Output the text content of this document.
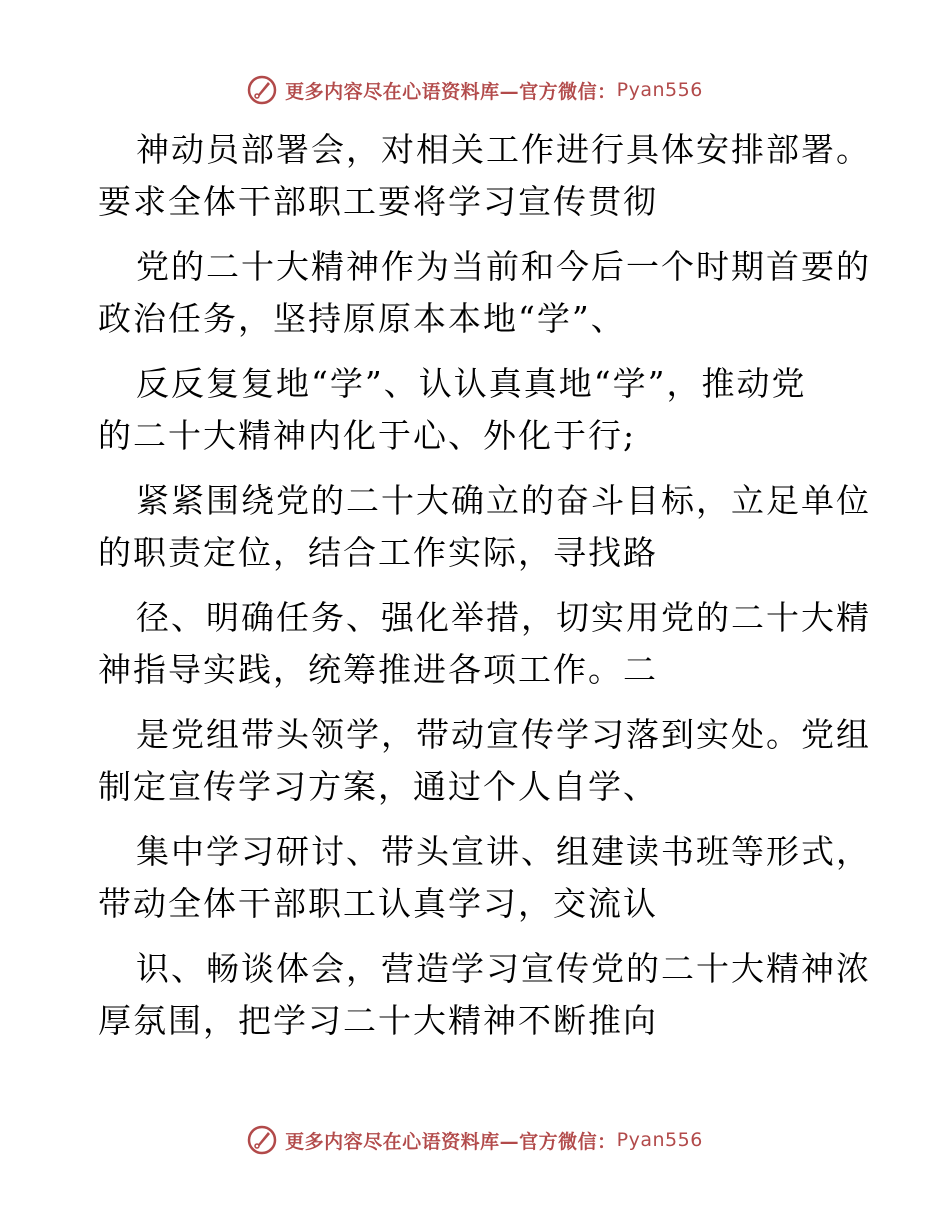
更多内容尽在心语资料库—官方微信： Pyan556
神动员部署会，对相关工作进行具体安排部署。
要求全体干部职工要将学习宣传贯彻
党的二十大精神作为当前和今后一个时期首要的
政治任务，坚持原原本本地“学”、
反反复复地“学”、认认真真地“学”，推动党
的二十大精神内化于心、外化于行;
紧紧围绕党的二十大确立的奋斗目标，立足单位
的职责定位，结合工作实际，寻找路
径、明确任务、强化举措，切实用党的二十大精
神指导实践，统筹推进各项工作。二
是党组带头领学，带动宣传学习落到实处。党组
制定宣传学习方案，通过个人自学、
集中学习研讨、带头宣讲、组建读书班等形式，
带动全体干部职工认真学习，交流认
识、畅谈体会，营造学习宣传党的二十大精神浓
厚氛围，把学习二十大精神不断推向
更多内容尽在心语资料库—官方微信： Pyan556
